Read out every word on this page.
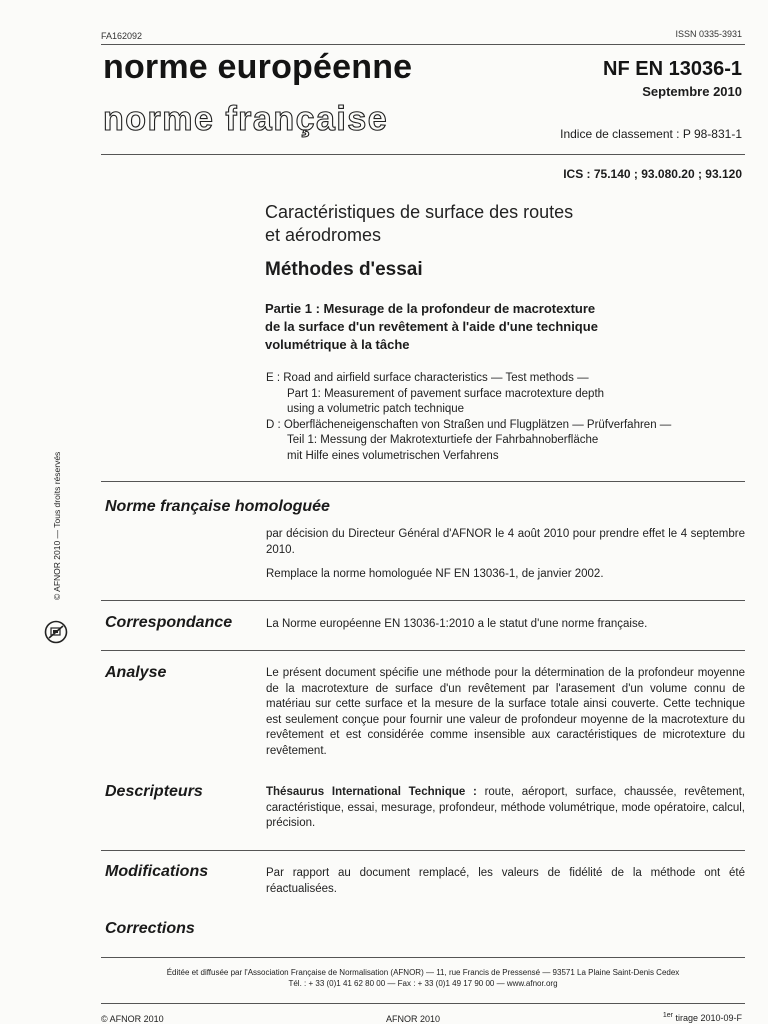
FA162092	ISSN 0335-3931
norme européenne
norme française
NF EN 13036-1
Septembre 2010
Indice de classement : P 98-831-1
ICS : 75.140 ; 93.080.20 ; 93.120
Caractéristiques de surface des routes
et aérodromes
Méthodes d'essai
Partie 1 : Mesurage de la profondeur de macrotexture
de la surface d'un revêtement à l'aide d'une technique
volumétrique à la tâche
E : Road and airfield surface characteristics — Test methods —
Part 1: Measurement of pavement surface macrotexture depth
using a volumetric patch technique
D : Oberflächeneigenschaften von Straßen und Flugplätzen — Prüfverfahren —
Teil 1: Messung der Makrotexturtiefe der Fahrbahnoberfläche
mit Hilfe eines volumetrischen Verfahrens
Norme française homologuée
par décision du Directeur Général d'AFNOR le 4 août 2010 pour prendre effet le 4 septembre 2010.
Remplace la norme homologuée NF EN 13036-1, de janvier 2002.
Correspondance	La Norme européenne EN 13036-1:2010 a le statut d'une norme française.
Analyse	Le présent document spécifie une méthode pour la détermination de la profondeur moyenne de la macrotexture de surface d'un revêtement par l'arasement d'un volume connu de matériau sur cette surface et la mesure de la surface totale ainsi couverte. Cette technique est seulement conçue pour fournir une valeur de profondeur moyenne de la macrotexture du revêtement et est considérée comme insensible aux caractéristiques de microtexture du revêtement.
Descripteurs	Thésaurus International Technique : route, aéroport, surface, chaussée, revêtement, caractéristique, essai, mesurage, profondeur, méthode volumétrique, mode opératoire, calcul, précision.
Modifications	Par rapport au document remplacé, les valeurs de fidélité de la méthode ont été réactualisées.
Corrections
Éditée et diffusée par l'Association Française de Normalisation (AFNOR) — 11, rue Francis de Pressensé — 93571 La Plaine Saint-Denis Cedex
Tél. : + 33 (0)1 41 62 80 00 — Fax : + 33 (0)1 49 17 90 00 — www.afnor.org
© AFNOR 2010	AFNOR 2010	$^{1er}$ tirage 2010-09-F
© AFNOR 2010 — Tous droits réservés
